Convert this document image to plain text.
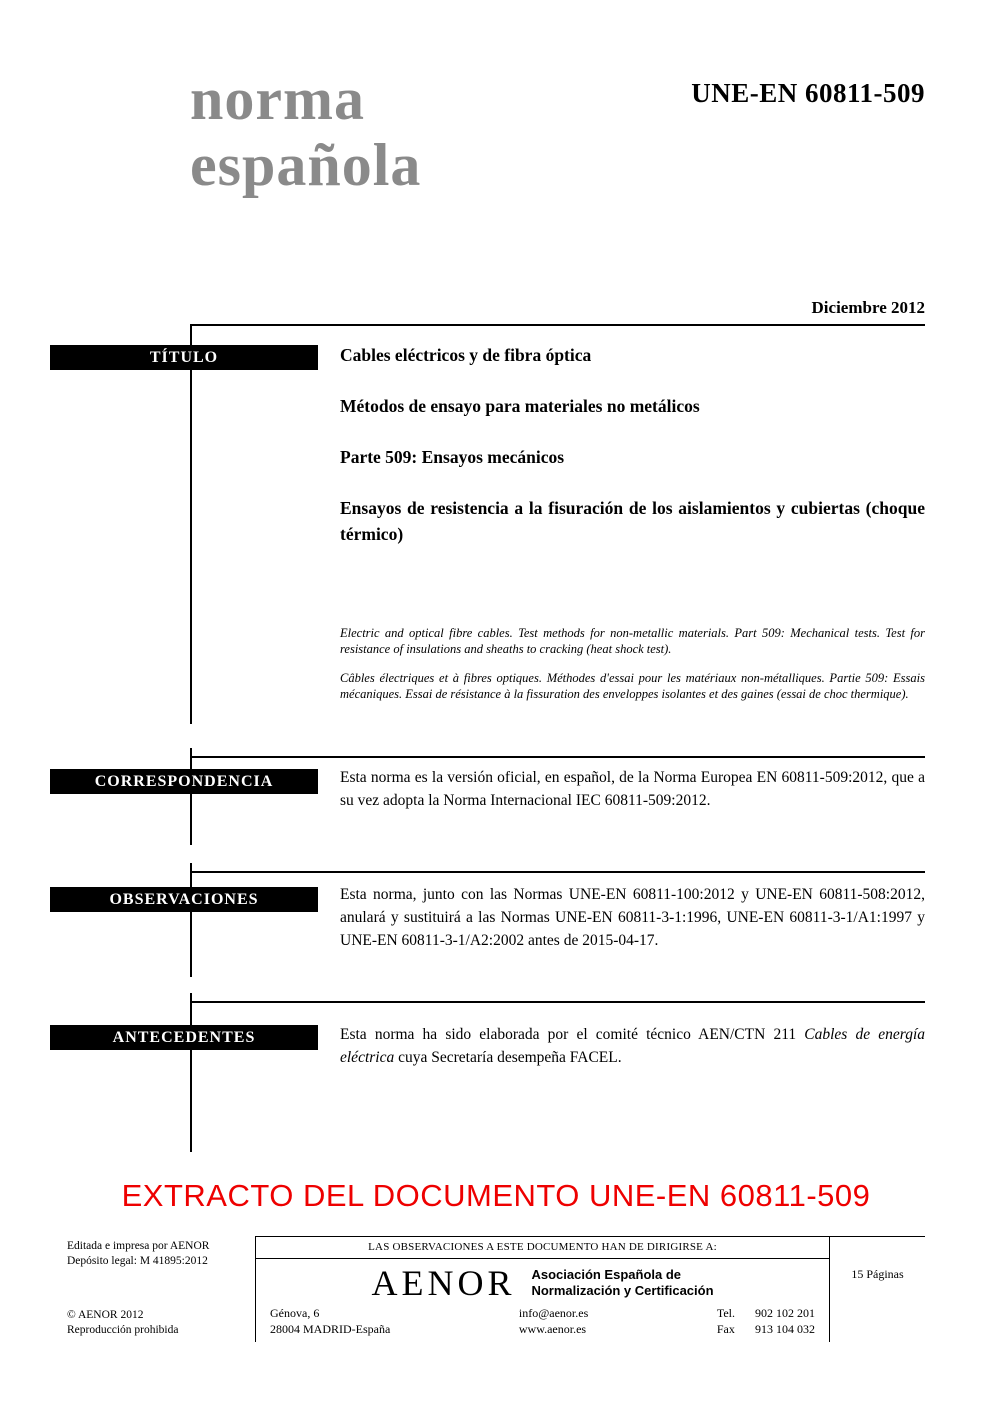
UNE-EN 60811-509
norma
española
Diciembre 2012
TÍTULO
CORRESPONDENCIA
OBSERVACIONES
ANTECEDENTES
Cables eléctricos y de fibra óptica
Métodos de ensayo para materiales no metálicos
Parte 509: Ensayos mecánicos
Ensayos de resistencia a la fisuración de los aislamientos y cubiertas (choque térmico)
Electric and optical fibre cables. Test methods for non-metallic materials. Part 509: Mechanical tests. Test for resistance of insulations and sheaths to cracking (heat shock test).
Câbles électriques et à fibres optiques. Méthodes d'essai pour les matériaux non-métalliques. Partie 509: Essais mécaniques. Essai de résistance à la fissuration des enveloppes isolantes et des gaines (essai de choc thermique).
Esta norma es la versión oficial, en español, de la Norma Europea EN 60811-509:2012, que a su vez adopta la Norma Internacional IEC 60811-509:2012.
Esta norma, junto con las Normas UNE-EN 60811-100:2012 y UNE-EN 60811-508:2012, anulará y sustituirá a las Normas UNE-EN 60811-3-1:1996, UNE-EN 60811-3-1/A1:1997 y UNE-EN 60811-3-1/A2:2002 antes de 2015-04-17.
Esta norma ha sido elaborada por el comité técnico AEN/CTN 211 Cables de energía eléctrica cuya Secretaría desempeña FACEL.
EXTRACTO DEL DOCUMENTO UNE-EN 60811-509
Editada e impresa por AENOR
Depósito legal: M 41895:2012
© AENOR 2012
Reproducción prohibida
LAS OBSERVACIONES A ESTE DOCUMENTO HAN DE DIRIGIRSE A:
AENOR Asociación Española de
Normalización y Certificación
Génova, 6
28004 MADRID-España
info@aenor.es
www.aenor.es
Tel. 902 102 201
Fax 913 104 032
15 Páginas
